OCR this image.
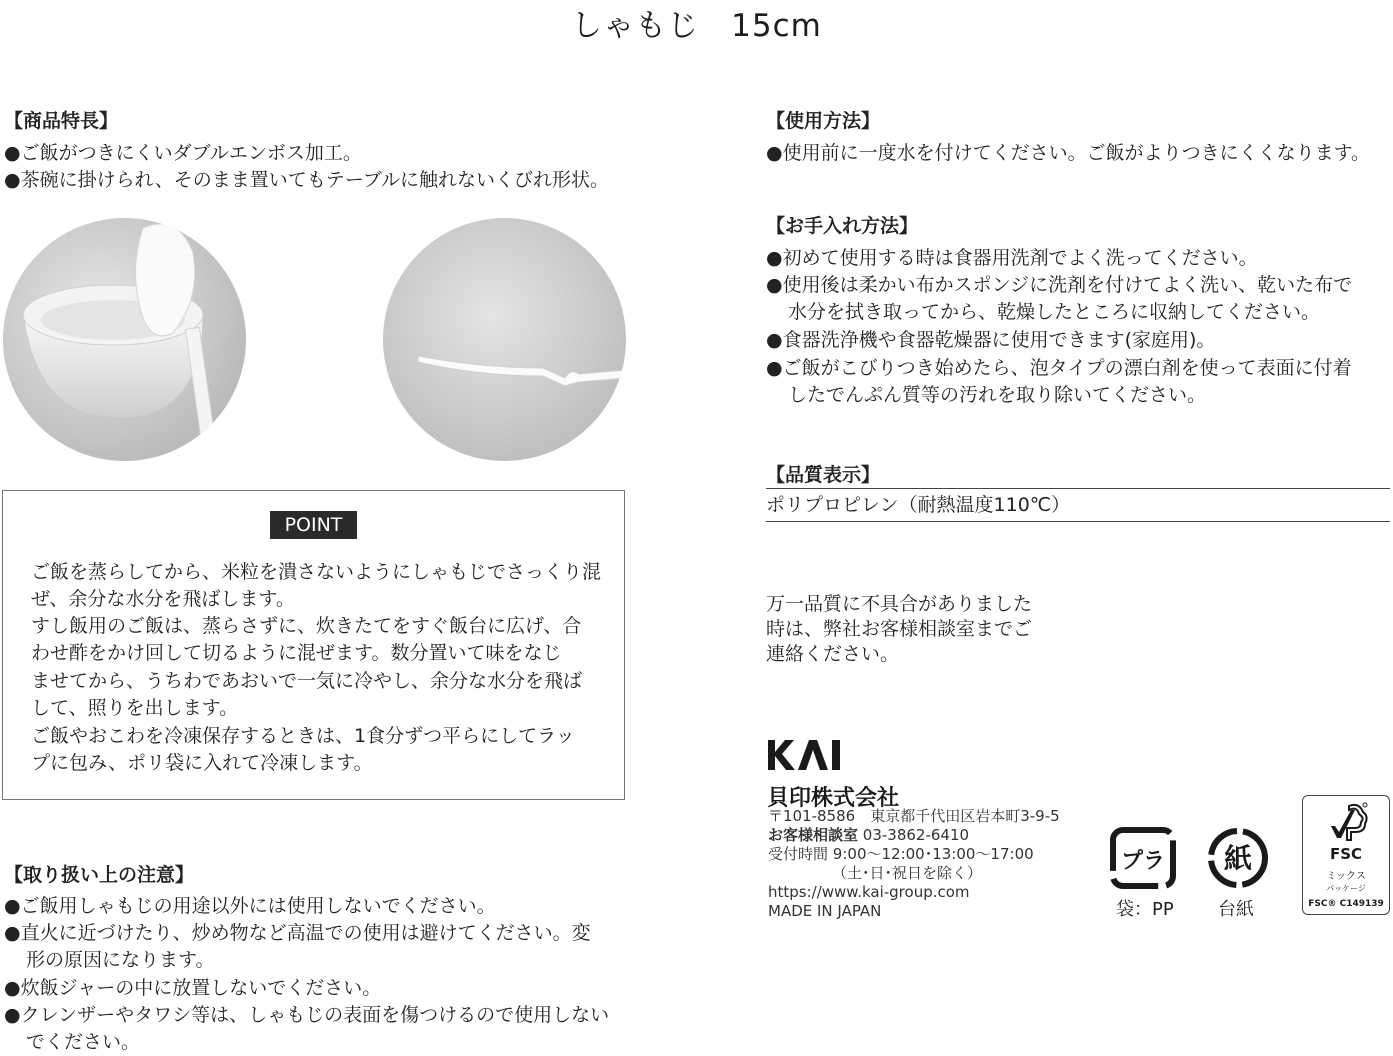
しゃもじ　15cm
【商品特長】
●ご飯がつきにくいダブルエンボス加工。
●茶碗に掛けられ、そのまま置いてもテーブルに触れないくびれ形状。
POINT
ご飯を蒸らしてから、米粒を潰さないようにしゃもじでさっくり混
ぜ、余分な水分を飛ばします。
すし飯用のご飯は、蒸らさずに、炊きたてをすぐ飯台に広げ、合
わせ酢をかけ回して切るように混ぜます。数分置いて味をなじ
ませてから、うちわであおいで一気に冷やし、余分な水分を飛ば
して、照りを出します。
ご飯やおこわを冷凍保存するときは、1食分ずつ平らにしてラッ
プに包み、ポリ袋に入れて冷凍します。
【取り扱い上の注意】
●ご飯用しゃもじの用途以外には使用しないでください。
●直火に近づけたり、炒め物など高温での使用は避けてください。変
形の原因になります。
●炊飯ジャーの中に放置しないでください。
●クレンザーやタワシ等は、しゃもじの表面を傷つけるので使用しない
でください。
【使用方法】
●使用前に一度水を付けてください。ご飯がよりつきにくくなります。
【お手入れ方法】
●初めて使用する時は食器用洗剤でよく洗ってください。
●使用後は柔かい布かスポンジに洗剤を付けてよく洗い、乾いた布で
水分を拭き取ってから、乾燥したところに収納してください。
●食器洗浄機や食器乾燥器に使用できます(家庭用)。
●ご飯がこびりつき始めたら、泡タイプの漂白剤を使って表面に付着
したでんぷん質等の汚れを取り除いてください。
【品質表示】
ポリプロピレン（耐熱温度110℃）
万一品質に不具合がありました
時は、弊社お客様相談室までご
連絡ください。
貝印株式会社
〒101-8586　東京都千代田区岩本町3-9-5
お客様相談室 03-3862-6410
受付時間 9:00〜12:00･13:00〜17:00
（土･日･祝日を除く）
https://www.kai-group.com
MADE IN JAPAN
プラ
袋：PP
紙
台紙
FSC
ミックス
パッケージ
FSC® C149139
